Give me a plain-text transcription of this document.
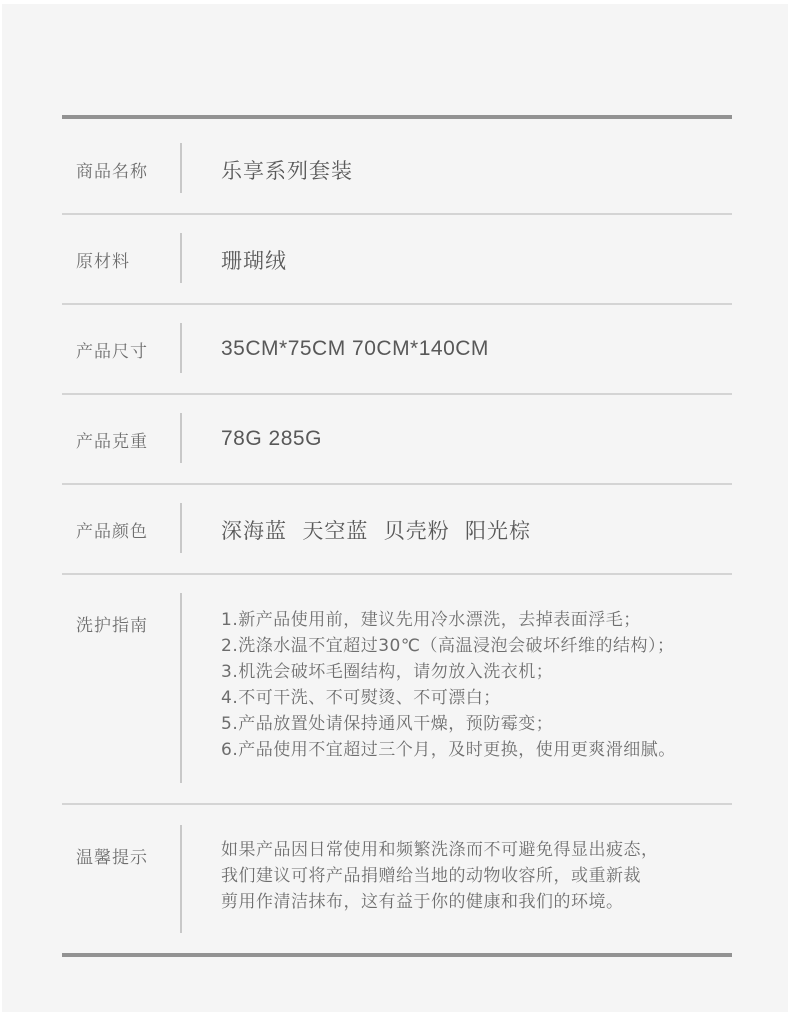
商品名称	乐享系列套装
原材料	珊瑚绒
产品尺寸	35CM*75CM 70CM*140CM
产品克重	78G 285G
产品颜色	深海蓝  天空蓝  贝壳粉  阳光棕
洗护指南	1.新产品使用前，建议先用冷水漂洗，去掉表面浮毛；
2.洗涤水温不宜超过30℃（高温浸泡会破坏纤维的结构）；
3.机洗会破坏毛圈结构，请勿放入洗衣机；
4.不可干洗、不可熨烫、不可漂白；
5.产品放置处请保持通风干燥，预防霉变；
6.产品使用不宜超过三个月，及时更换，使用更爽滑细腻。
温馨提示	如果产品因日常使用和频繁洗涤而不可避免得显出疲态，
我们建议可将产品捐赠给当地的动物收容所，或重新裁
剪用作清洁抹布，这有益于你的健康和我们的环境。
